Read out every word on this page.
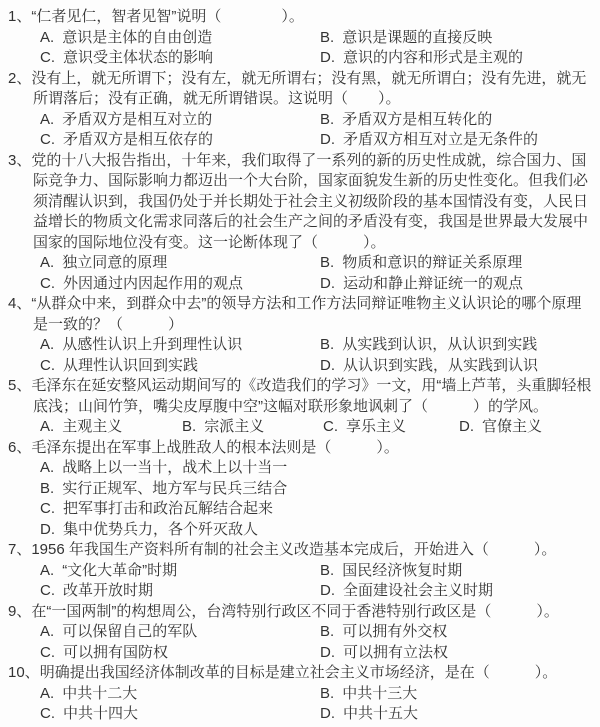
1、“仁者见仁，智者见智”说明（　　　　）。
A. 意识是主体的自由创造	B. 意识是课题的直接反映
C. 意识受主体状态的影响	D. 意识的内容和形式是主观的
2、没有上，就无所谓下；没有左，就无所谓右；没有黑，就无所谓白；没有先进，就无所谓落后；没有正确，就无所谓错误。这说明（　　）。
A. 矛盾双方是相互对立的	B. 矛盾双方是相互转化的
C. 矛盾双方是相互依存的	D. 矛盾双方相互对立是无条件的
3、党的十八大报告指出，十年来，我们取得了一系列的新的历史性成就，综合国力、国际竞争力、国际影响力都迈出一个大台阶，国家面貌发生新的历史性变化。但我们必须清醒认识到，我国仍处于并长期处于社会主义初级阶段的基本国情没有变，人民日益增长的物质文化需求同落后的社会生产之间的矛盾没有变，我国是世界最大发展中国家的国际地位没有变。这一论断体现了（　　　）。
A. 独立同意的原理	B. 物质和意识的辩证关系原理
C. 外因通过内因起作用的观点	D. 运动和静止辩证统一的观点
4、“从群众中来，到群众中去”的领导方法和工作方法同辩证唯物主义认识论的哪个原理是一致的？（　　　）
A. 从感性认识上升到理性认识	B. 从实践到认识，从认识到实践
C. 从理性认识回到实践	D. 从认识到实践，从实践到认识
5、毛泽东在延安整风运动期间写的《改造我们的学习》一文，用“墙上芦苇，头重脚轻根底浅；山间竹笋，嘴尖皮厚腹中空”这幅对联形象地讽刺了（　　　）的学风。
A. 主观主义	B. 宗派主义	C. 享乐主义	D. 官僚主义
6、毛泽东提出在军事上战胜敌人的根本法则是（　　　）。
A. 战略上以一当十，战术上以十当一
B. 实行正规军、地方军与民兵三结合
C. 把军事打击和政治瓦解结合起来
D. 集中优势兵力，各个歼灭敌人
7、1956 年我国生产资料所有制的社会主义改造基本完成后，开始进入（　　　）。
A. “文化大革命”时期	B. 国民经济恢复时期
C. 改革开放时期	D. 全面建设社会主义时期
9、在“一国两制”的构想周公，台湾特别行政区不同于香港特别行政区是（　　　）。
A. 可以保留自己的军队	B. 可以拥有外交权
C. 可以拥有国防权	D. 可以拥有立法权
10、明确提出我国经济体制改革的目标是建立社会主义市场经济，是在（　　　）。
A. 中共十二大	B. 中共十三大
C. 中共十四大	D. 中共十五大
